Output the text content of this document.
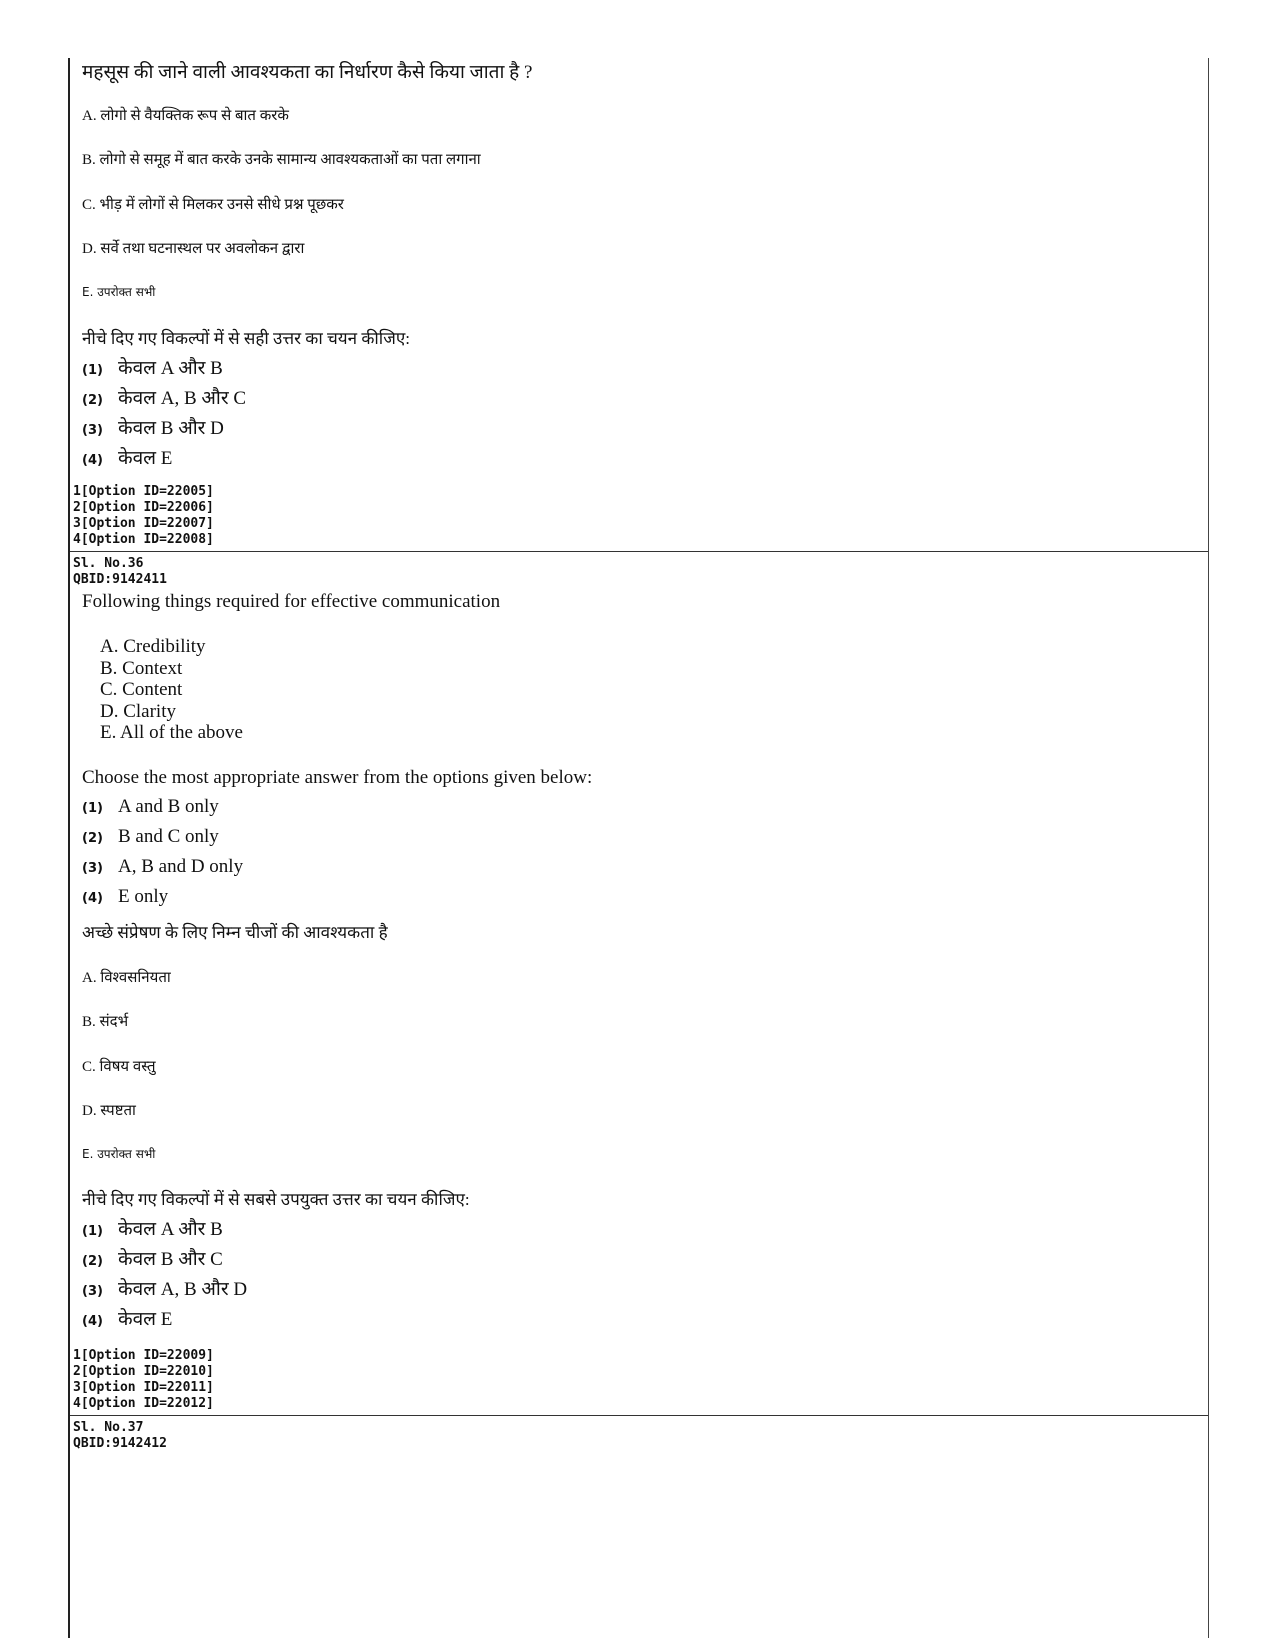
महसूस की जाने वाली आवश्यकता का निर्धारण कैसे किया जाता है ?
A. लोगो से वैयक्तिक रूप से बात करके
B. लोगो से समूह में बात करके उनके सामान्य आवश्यकताओं का पता लगाना
C. भीड़ में लोगों से मिलकर उनसे सीधे प्रश्न पूछकर
D. सर्वे तथा घटनास्थल पर अवलोकन द्वारा
E. उपरोक्त सभी
नीचे दिए गए विकल्पों में से सही उत्तर का चयन कीजिए:
(1) केवल A और B
(2) केवल A, B और C
(3) केवल B और D
(4) केवल E
1[Option ID=22005]
2[Option ID=22006]
3[Option ID=22007]
4[Option ID=22008]
Sl. No.36
QBID:9142411
Following things required for effective communication
A. Credibility
B. Context
C. Content
D. Clarity
E. All of the above
Choose the most appropriate answer from the options given below:
(1) A and B only
(2) B and C only
(3) A, B and D only
(4) E only
अच्छे संप्रेषण के लिए निम्न चीजों की आवश्यकता है
A. विश्वसनियता
B. संदर्भ
C. विषय वस्तु
D. स्पष्टता
E. उपरोक्त सभी
नीचे दिए गए विकल्पों में से सबसे उपयुक्त उत्तर का चयन कीजिए:
(1) केवल A और B
(2) केवल B और C
(3) केवल A, B और D
(4) केवल E
1[Option ID=22009]
2[Option ID=22010]
3[Option ID=22011]
4[Option ID=22012]
Sl. No.37
QBID:9142412
